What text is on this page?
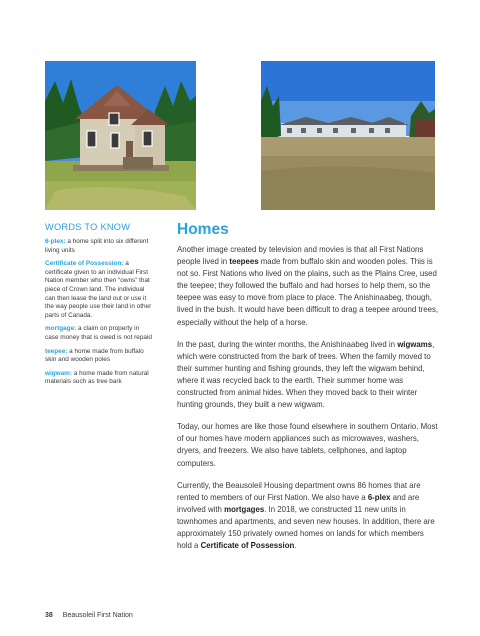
WORDS TO KNOW
6-plex: a home split into six different living units
Certificate of Possession: a certificate given to an individual First Nation member who then “owns” that piece of Crown land. The individual can then lease the land out or use it the way people use their land in other parts of Canada.
mortgage: a claim on property in case money that is owed is not repaid
teepee: a home made from buffalo skin and wooden poles
wigwam: a home made from natural materials such as tree bark
Homes

Another image created by television and movies is that all First Nations people lived in teepees made from buffalo skin and wooden poles. This is not so. First Nations who lived on the plains, such as the Plains Cree, used the teepee; they followed the buffalo and had horses to help them, so the teepee was easy to move from place to place. The Anishinaabeg, though, lived in the bush. It would have been difficult to drag a teepee around trees, especially without the help of a horse.

In the past, during the winter months, the Anishinaabeg lived in wigwams, which were constructed from the bark of trees. When the family moved to their summer hunting and fishing grounds, they left the wigwam behind, where it was recycled back to the earth. Their summer home was constructed from animal hides. When they moved back to their winter hunting grounds, they built a new wigwam.

Today, our homes are like those found elsewhere in southern Ontario. Most of our homes have modern appliances such as microwaves, washers, dryers, and freezers. We also have tablets, cellphones, and laptop computers.

Currently, the Beausoleil Housing department owns 86 homes that are rented to members of our First Nation. We also have a 6-plex and are involved with mortgages. In 2018, we constructed 11 new units in townhomes and apartments, and seven new houses. In addition, there are approximately 150 privately owned homes on lands for which members hold a Certificate of Possession.

38 Beausoleil First Nation
